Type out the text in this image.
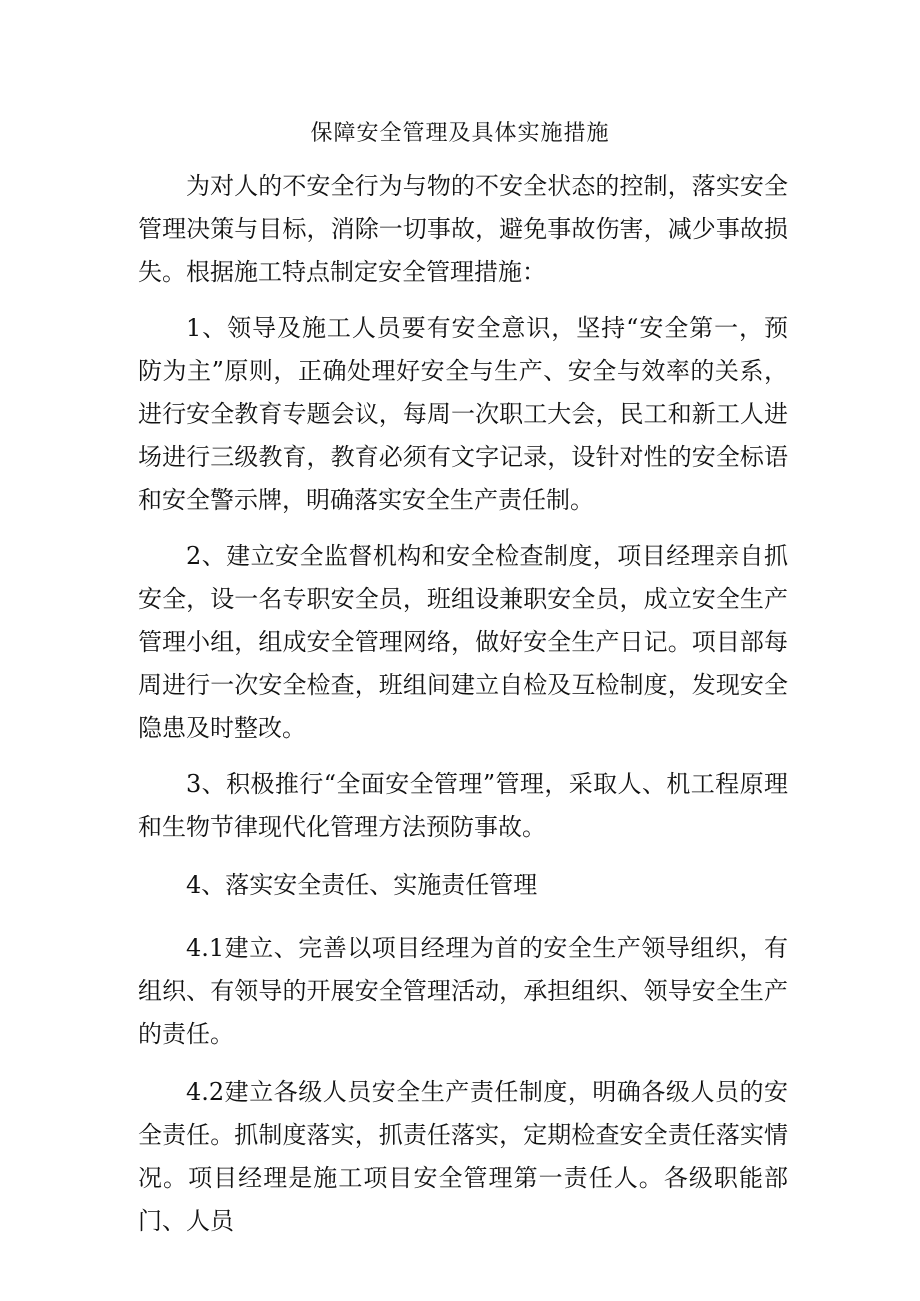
保障安全管理及具体实施措施

为对人的不安全行为与物的不安全状态的控制，落实安全管理决策与目标，消除一切事故，避免事故伤害，减少事故损失。根据施工特点制定安全管理措施：

1、领导及施工人员要有安全意识，坚持“安全第一，预防为主”原则，正确处理好安全与生产、安全与效率的关系，进行安全教育专题会议，每周一次职工大会，民工和新工人进场进行三级教育，教育必须有文字记录，设针对性的安全标语和安全警示牌，明确落实安全生产责任制。

2、建立安全监督机构和安全检查制度，项目经理亲自抓安全，设一名专职安全员，班组设兼职安全员，成立安全生产管理小组，组成安全管理网络，做好安全生产日记。项目部每周进行一次安全检查，班组间建立自检及互检制度，发现安全隐患及时整改。

3、积极推行“全面安全管理”管理，采取人、机工程原理和生物节律现代化管理方法预防事故。

4、落实安全责任、实施责任管理

4.1建立、完善以项目经理为首的安全生产领导组织，有组织、有领导的开展安全管理活动，承担组织、领导安全生产的责任。

4.2建立各级人员安全生产责任制度，明确各级人员的安全责任。抓制度落实，抓责任落实，定期检查安全责任落实情况。项目经理是施工项目安全管理第一责任人。各级职能部门、人员
